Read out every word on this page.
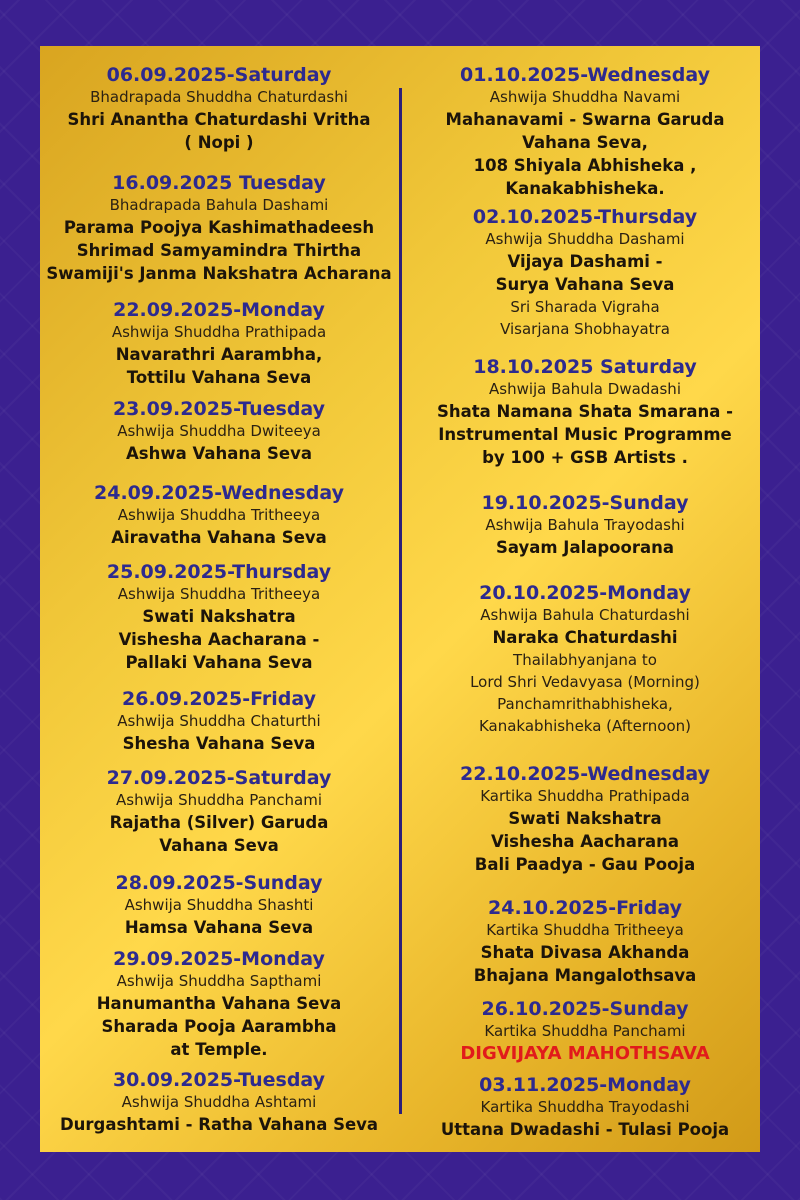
06.09.2025-Saturday
Bhadrapada Shuddha Chaturdashi
Shri Anantha Chaturdashi Vritha
( Nopi )
16.09.2025 Tuesday
Bhadrapada Bahula Dashami
Parama Poojya Kashimathadeesh
Shrimad Samyamindra Thirtha
Swamiji's Janma Nakshatra Acharana
22.09.2025-Monday
Ashwija Shuddha Prathipada
Navarathri Aarambha,
Tottilu Vahana Seva
23.09.2025-Tuesday
Ashwija Shuddha Dwiteeya
Ashwa Vahana Seva
24.09.2025-Wednesday
Ashwija Shuddha Tritheeya
Airavatha Vahana Seva
25.09.2025-Thursday
Ashwija Shuddha Tritheeya
Swati Nakshatra
Vishesha Aacharana -
Pallaki Vahana Seva
26.09.2025-Friday
Ashwija Shuddha Chaturthi
Shesha Vahana Seva
27.09.2025-Saturday
Ashwija Shuddha Panchami
Rajatha (Silver) Garuda
Vahana Seva
28.09.2025-Sunday
Ashwija Shuddha Shashti
Hamsa Vahana Seva
29.09.2025-Monday
Ashwija Shuddha Sapthami
Hanumantha Vahana Seva
Sharada Pooja Aarambha
at Temple.
30.09.2025-Tuesday
Ashwija Shuddha Ashtami
Durgashtami - Ratha Vahana Seva
01.10.2025-Wednesday
Ashwija Shuddha Navami
Mahanavami - Swarna Garuda
Vahana Seva,
108 Shiyala Abhisheka ,
Kanakabhisheka.
02.10.2025-Thursday
Ashwija Shuddha Dashami
Vijaya Dashami -
Surya Vahana Seva
Sri Sharada Vigraha
Visarjana Shobhayatra
18.10.2025 Saturday
Ashwija Bahula Dwadashi
Shata Namana Shata Smarana -
Instrumental Music Programme
by 100 + GSB Artists .
19.10.2025-Sunday
Ashwija Bahula Trayodashi
Sayam Jalapoorana
20.10.2025-Monday
Ashwija Bahula Chaturdashi
Naraka Chaturdashi
Thailabhyanjana to
Lord Shri Vedavyasa (Morning)
Panchamrithabhisheka,
Kanakabhisheka (Afternoon)
22.10.2025-Wednesday
Kartika Shuddha Prathipada
Swati Nakshatra
Vishesha Aacharana
Bali Paadya - Gau Pooja
24.10.2025-Friday
Kartika Shuddha Tritheeya
Shata Divasa Akhanda
Bhajana Mangalothsava
26.10.2025-Sunday
Kartika Shuddha Panchami
DIGVIJAYA MAHOTHSAVA
03.11.2025-Monday
Kartika Shuddha Trayodashi
Uttana Dwadashi - Tulasi Pooja
